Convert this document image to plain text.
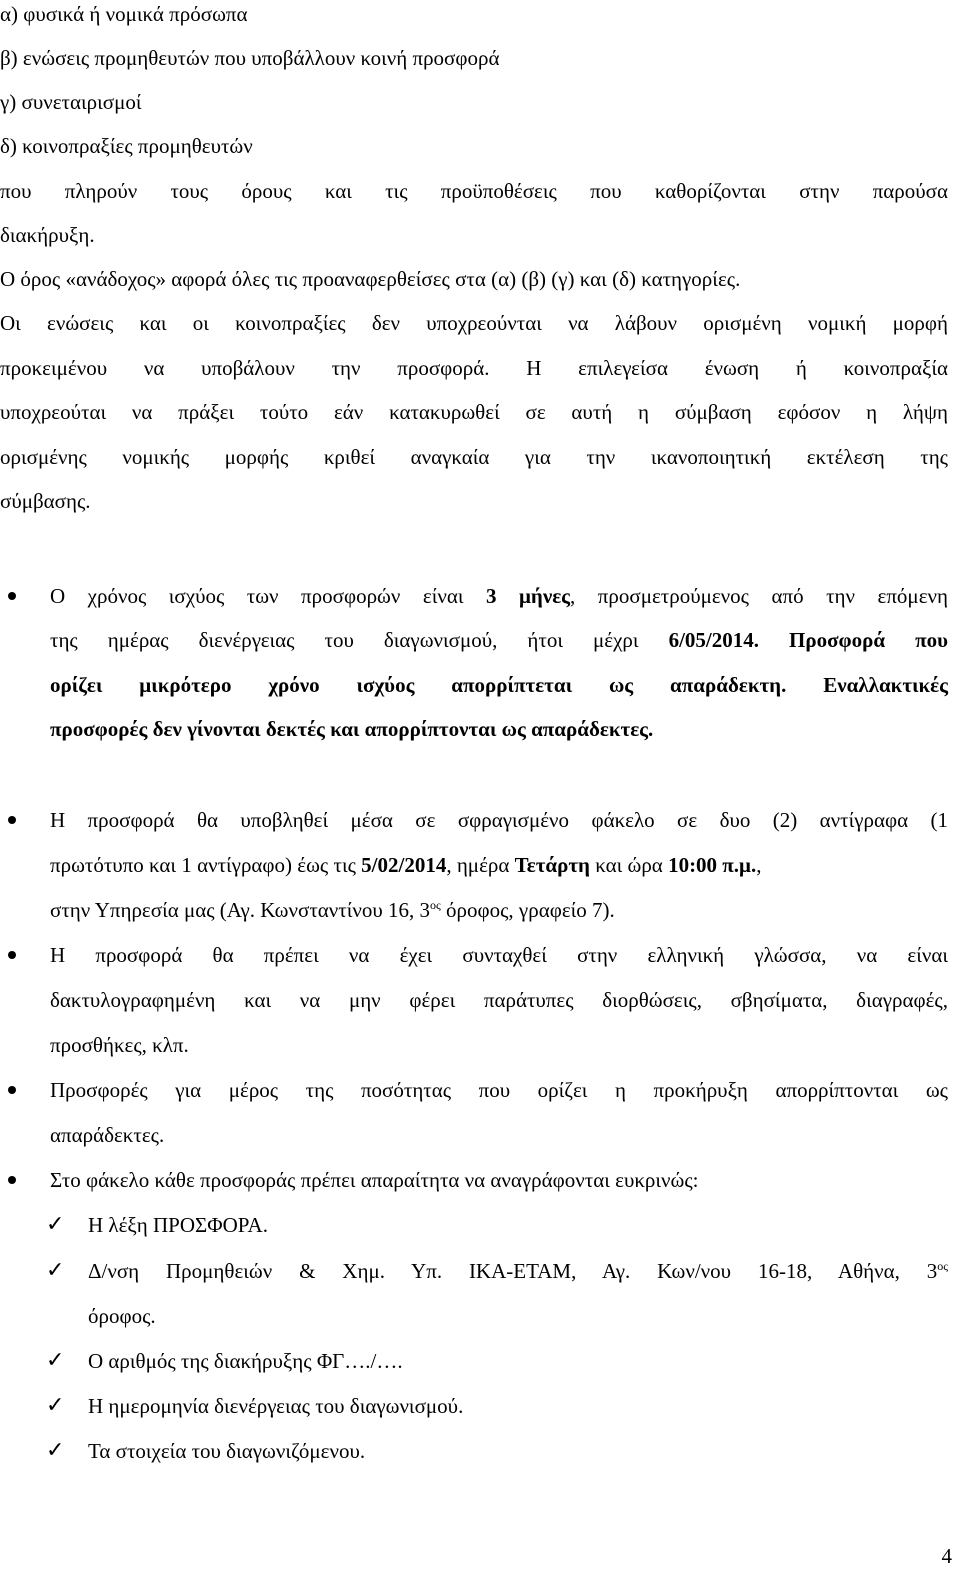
α) φυσικά ή νομικά πρόσωπα
β) ενώσεις προμηθευτών που υποβάλλουν κοινή προσφορά
γ) συνεταιρισμοί
δ) κοινοπραξίες προμηθευτών
που πληρούν τους όρους και τις προϋποθέσεις που καθορίζονται στην παρούσα
διακήρυξη.
Ο όρος «ανάδοχος» αφορά όλες τις προαναφερθείσες στα (α) (β) (γ) και (δ) κατηγορίες.
Οι ενώσεις και οι κοινοπραξίες δεν υποχρεούνται να λάβουν ορισμένη νομική μορφή
προκειμένου να υποβάλουν την προσφορά. Η επιλεγείσα ένωση ή κοινοπραξία
υποχρεούται να πράξει τούτο εάν κατακυρωθεί σε αυτή η σύμβαση εφόσον η λήψη
ορισμένης νομικής μορφής κριθεί αναγκαία για την ικανοποιητική εκτέλεση της
σύμβασης.
Ο χρόνος ισχύος των προσφορών είναι 3 μήνες, προσμετρούμενος από την επόμενη
της ημέρας διενέργειας του διαγωνισμού, ήτοι μέχρι 6/05/2014. Προσφορά που
ορίζει μικρότερο χρόνο ισχύος απορρίπτεται ως απαράδεκτη. Εναλλακτικές
προσφορές δεν γίνονται δεκτές και απορρίπτονται ως απαράδεκτες.
Η προσφορά θα υποβληθεί μέσα σε σφραγισμένο φάκελο σε δυο (2) αντίγραφα (1
πρωτότυπο και 1 αντίγραφο) έως τις 5/02/2014, ημέρα Τετάρτη και ώρα 10:00 π.μ.,
στην Υπηρεσία μας (Αγ. Κωνσταντίνου 16, $3^{o\varsigma}$ όροφος, γραφείο 7).
Η προσφορά θα πρέπει να έχει συνταχθεί στην ελληνική γλώσσα, να είναι
δακτυλογραφημένη και να μην φέρει παράτυπες διορθώσεις, σβησίματα, διαγραφές,
προσθήκες, κλπ.
Προσφορές για μέρος της ποσότητας που ορίζει η προκήρυξη απορρίπτονται ως
απαράδεκτες.
Στο φάκελο κάθε προσφοράς πρέπει απαραίτητα να αναγράφονται ευκρινώς:
✓ Η λέξη ΠΡΟΣΦΟΡΑ.
✓ Δ/νση Προμηθειών & Χημ. Υπ. ΙΚΑ-ΕΤΑΜ, Αγ. Κων/νου 16-18, Αθήνα, $3^{o\varsigma}$
όροφος.
✓ Ο αριθμός της διακήρυξης ΦΓ…./….
✓ Η ημερομηνία διενέργειας του διαγωνισμού.
✓ Τα στοιχεία του διαγωνιζόμενου.
4
